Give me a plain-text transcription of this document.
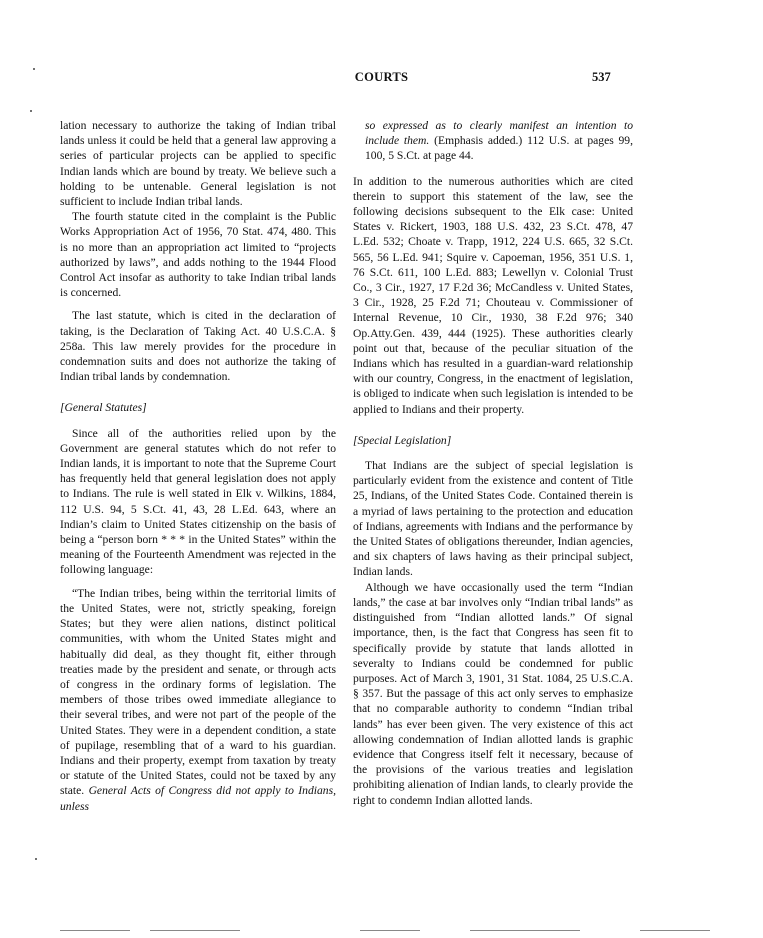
COURTS	537

lation necessary to authorize the taking of Indian tribal lands unless it could be held that a general law approving a series of particular projects can be applied to specific Indian lands which are bound by treaty. We believe such a holding to be untenable. General legislation is not sufficient to include Indian tribal lands.

The fourth statute cited in the complaint is the Public Works Appropriation Act of 1956, 70 Stat. 474, 480. This is no more than an appropriation act limited to “projects authorized by laws”, and adds nothing to the 1944 Flood Control Act insofar as authority to take Indian tribal lands is concerned.

The last statute, which is cited in the declaration of taking, is the Declaration of Taking Act. 40 U.S.C.A. § 258a. This law merely provides for the procedure in condemnation suits and does not authorize the taking of Indian tribal lands by condemnation.

[General Statutes]

Since all of the authorities relied upon by the Government are general statutes which do not refer to Indian lands, it is important to note that the Supreme Court has frequently held that general legislation does not apply to Indians. The rule is well stated in Elk v. Wilkins, 1884, 112 U.S. 94, 5 S.Ct. 41, 43, 28 L.Ed. 643, where an Indian’s claim to United States citizenship on the basis of being a “person born * * * in the United States” within the meaning of the Fourteenth Amendment was rejected in the following language:

“The Indian tribes, being within the territorial limits of the United States, were not, strictly speaking, foreign States; but they were alien nations, distinct political communities, with whom the United States might and habitually did deal, as they thought fit, either through treaties made by the president and senate, or through acts of congress in the ordinary forms of legislation. The members of those tribes owed immediate allegiance to their several tribes, and were not part of the people of the United States. They were in a dependent condition, a state of pupilage, resembling that of a ward to his guardian. Indians and their property, exempt from taxation by treaty or statute of the United States, could not be taxed by any state. General Acts of Congress did not apply to Indians, unless

so expressed as to clearly manifest an intention to include them. (Emphasis added.) 112 U.S. at pages 99, 100, 5 S.Ct. at page 44.

In addition to the numerous authorities which are cited therein to support this statement of the law, see the following decisions subsequent to the Elk case: United States v. Rickert, 1903, 188 U.S. 432, 23 S.Ct. 478, 47 L.Ed. 532; Choate v. Trapp, 1912, 224 U.S. 665, 32 S.Ct. 565, 56 L.Ed. 941; Squire v. Capoeman, 1956, 351 U.S. 1, 76 S.Ct. 611, 100 L.Ed. 883; Lewellyn v. Colonial Trust Co., 3 Cir., 1927, 17 F.2d 36; McCandless v. United States, 3 Cir., 1928, 25 F.2d 71; Chouteau v. Commissioner of Internal Revenue, 10 Cir., 1930, 38 F.2d 976; 340 Op.Atty.Gen. 439, 444 (1925). These authorities clearly point out that, because of the peculiar situation of the Indians which has resulted in a guardian-ward relationship with our country, Congress, in the enactment of legislation, is obliged to indicate when such legislation is intended to be applied to Indians and their property.

[Special Legislation]

That Indians are the subject of special legislation is particularly evident from the existence and content of Title 25, Indians, of the United States Code. Contained therein is a myriad of laws pertaining to the protection and education of Indians, agreements with Indians and the performance by the United States of obligations thereunder, Indian agencies, and six chapters of laws having as their principal subject, Indian lands.

Although we have occasionally used the term “Indian lands,” the case at bar involves only “Indian tribal lands” as distinguished from “Indian allotted lands.” Of signal importance, then, is the fact that Congress has seen fit to specifically provide by statute that lands allotted in severalty to Indians could be condemned for public purposes. Act of March 3, 1901, 31 Stat. 1084, 25 U.S.C.A. § 357. But the passage of this act only serves to emphasize that no comparable authority to condemn “Indian tribal lands” has ever been given. The very existence of this act allowing condemnation of Indian allotted lands is graphic evidence that Congress itself felt it necessary, because of the provisions of the various treaties and legislation prohibiting alienation of Indian lands, to clearly provide the right to condemn Indian allotted lands.
